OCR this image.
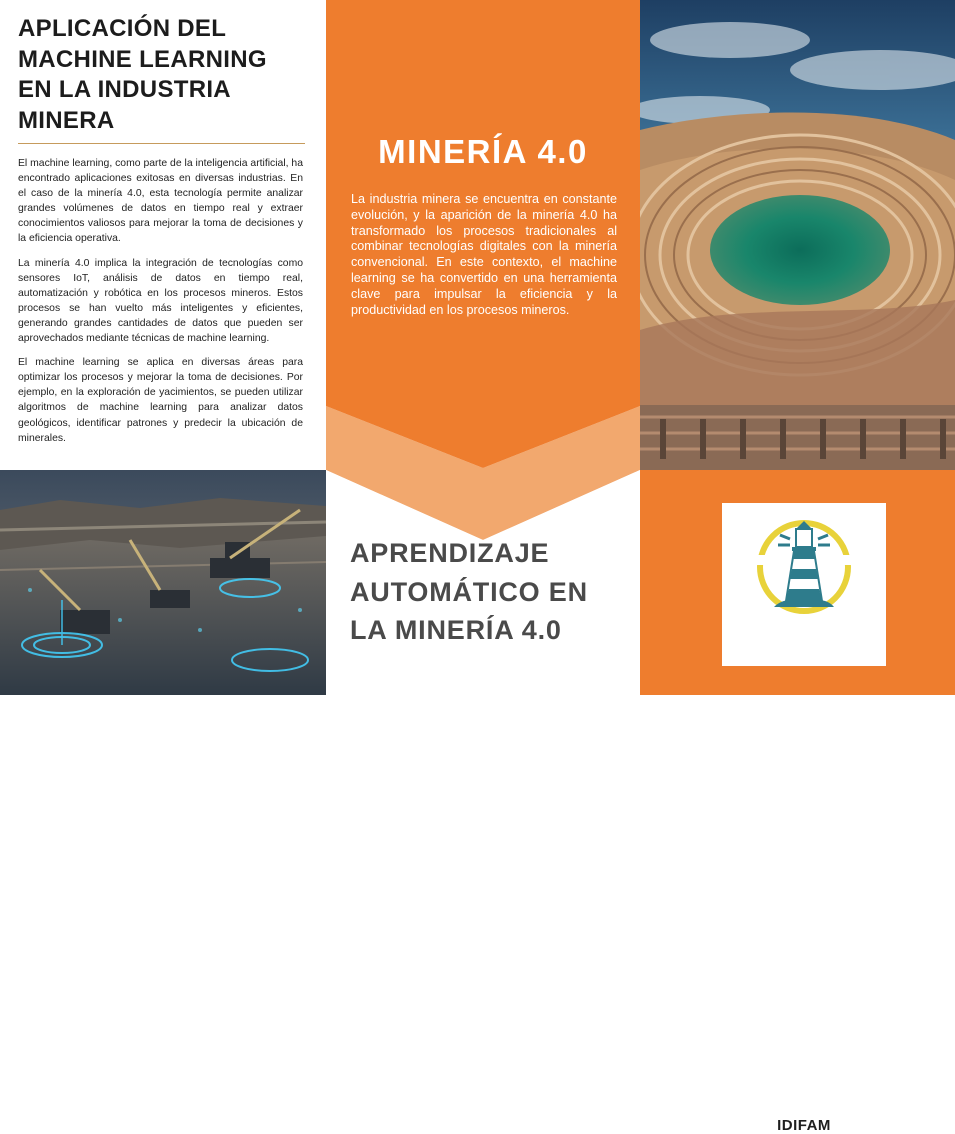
APLICACIÓN DEL
MACHINE LEARNING
EN LA INDUSTRIA
MINERA

El machine learning, como parte de la inteligencia artificial, ha encontrado aplicaciones exitosas en diversas industrias. En el caso de la minería 4.0, esta tecnología permite analizar grandes volúmenes de datos en tiempo real y extraer conocimientos valiosos para mejorar la toma de decisiones y la eficiencia operativa.

La minería 4.0 implica la integración de tecnologías como sensores IoT, análisis de datos en tiempo real, automatización y robótica en los procesos mineros. Estos procesos se han vuelto más inteligentes y eficientes, generando grandes cantidades de datos que pueden ser aprovechados mediante técnicas de machine learning.

El machine learning se aplica en diversas áreas para optimizar los procesos y mejorar la toma de decisiones. Por ejemplo, en la exploración de yacimientos, se pueden utilizar algoritmos de machine learning para analizar datos geológicos, identificar patrones y predecir la ubicación de minerales.

MINERÍA 4.0

La industria minera se encuentra en constante evolución, y la aparición de la minería 4.0 ha transformado los procesos tradicionales al combinar tecnologías digitales con la minería convencional. En este contexto, el machine learning se ha convertido en una herramienta clave para impulsar la eficiencia y la productividad en los procesos mineros.

APRENDIZAJE
AUTOMÁTICO EN
LA MINERÍA 4.0
IDIFAM
